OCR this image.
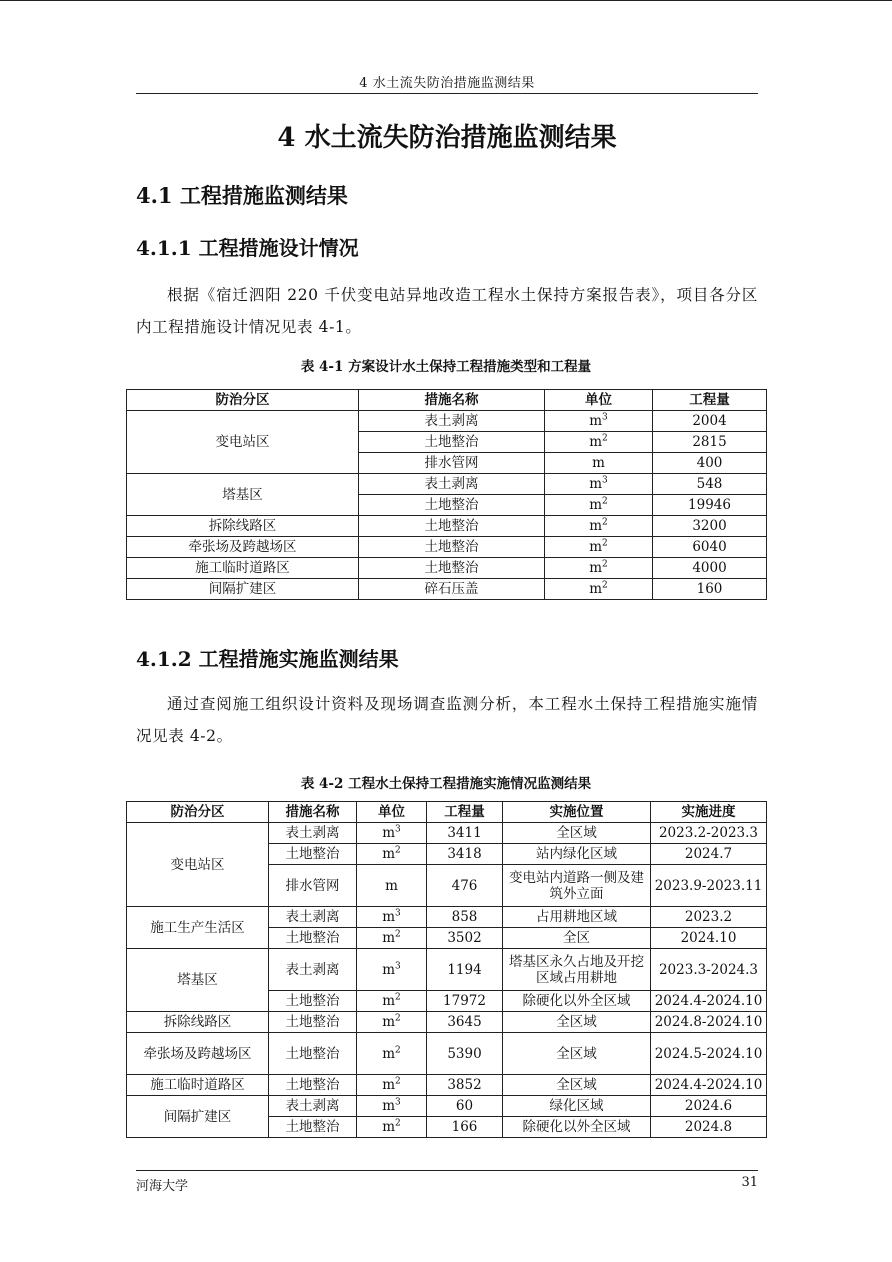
4 水土流失防治措施监测结果
4 水土流失防治措施监测结果
4.1 工程措施监测结果
4.1.1 工程措施设计情况
根据《宿迁泗阳 220 千伏变电站异地改造工程水土保持方案报告表》，项目各分区内工程措施设计情况见表 4-1。
表 4-1 方案设计水土保持工程措施类型和工程量
防治分区	措施名称	单位	工程量
变电站区	表土剥离	$m^3$	2004
	土地整治	$m^2$	2815
	排水管网	m	400
塔基区	表土剥离	$m^3$	548
	土地整治	$m^2$	19946
拆除线路区	土地整治	$m^2$	3200
牵张场及跨越场区	土地整治	$m^2$	6040
施工临时道路区	土地整治	$m^2$	4000
间隔扩建区	碎石压盖	$m^2$	160
4.1.2 工程措施实施监测结果
通过查阅施工组织设计资料及现场调查监测分析，本工程水土保持工程措施实施情况见表 4-2。
表 4-2 工程水土保持工程措施实施情况监测结果
防治分区	措施名称	单位	工程量	实施位置	实施进度
变电站区	表土剥离	$m^3$	3411	全区域	2023.2-2023.3
	土地整治	$m^2$	3418	站内绿化区域	2024.7
	排水管网	m	476	变电站内道路一侧及建筑外立面	2023.9-2023.11
施工生产生活区	表土剥离	$m^3$	858	占用耕地区域	2023.2
	土地整治	$m^2$	3502	全区	2024.10
塔基区	表土剥离	$m^3$	1194	塔基区永久占地及开挖区域占用耕地	2023.3-2024.3
	土地整治	$m^2$	17972	除硬化以外全区域	2024.4-2024.10
拆除线路区	土地整治	$m^2$	3645	全区域	2024.8-2024.10
牵张场及跨越场区	土地整治	$m^2$	5390	全区域	2024.5-2024.10
施工临时道路区	土地整治	$m^2$	3852	全区域	2024.4-2024.10
间隔扩建区	表土剥离	$m^3$	60	绿化区域	2024.6
	土地整治	$m^2$	166	除硬化以外全区域	2024.8
河海大学	31
